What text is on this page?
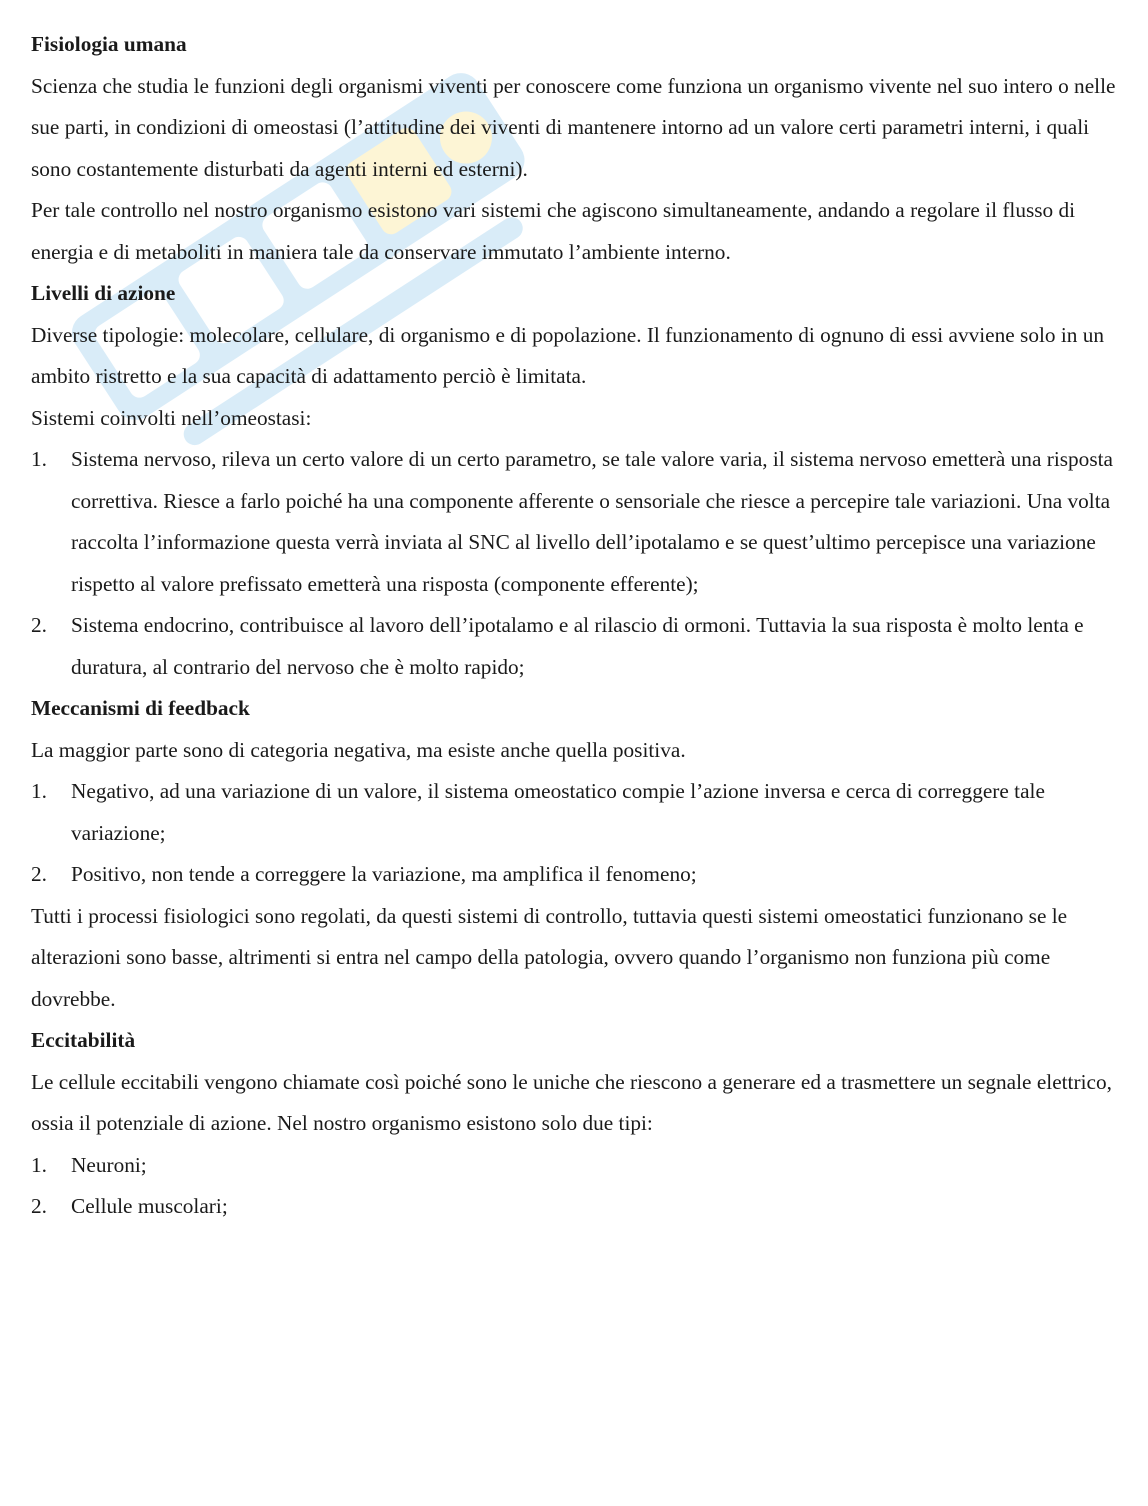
Fisiologia umana

Scienza che studia le funzioni degli organismi viventi per conoscere come funziona un organismo vivente nel suo intero o nelle sue parti, in condizioni di omeostasi (l’attitudine dei viventi di mantenere intorno ad un valore certi parametri interni, i quali sono costantemente disturbati da agenti interni ed esterni).

Per tale controllo nel nostro organismo esistono vari sistemi che agiscono simultaneamente, andando a regolare il flusso di energia e di metaboliti in maniera tale da conservare immutato l’ambiente interno.

Livelli di azione

Diverse tipologie: molecolare, cellulare, di organismo e di popolazione. Il funzionamento di ognuno di essi avviene solo in un ambito ristretto e la sua capacità di adattamento perciò è limitata.

Sistemi coinvolti nell’omeostasi:

1. Sistema nervoso, rileva un certo valore di un certo parametro, se tale valore varia, il sistema nervoso emetterà una risposta correttiva. Riesce a farlo poiché ha una componente afferente o sensoriale che riesce a percepire tale variazioni. Una volta raccolta l’informazione questa verrà inviata al SNC al livello dell’ipotalamo e se quest’ultimo percepisce una variazione rispetto al valore prefissato emetterà una risposta (componente efferente);
2. Sistema endocrino, contribuisce al lavoro dell’ipotalamo e al rilascio di ormoni. Tuttavia la sua risposta è molto lenta e duratura, al contrario del nervoso che è molto rapido;

Meccanismi di feedback

La maggior parte sono di categoria negativa, ma esiste anche quella positiva.

1. Negativo, ad una variazione di un valore, il sistema omeostatico compie l’azione inversa e cerca di correggere tale variazione;
2. Positivo, non tende a correggere la variazione, ma amplifica il fenomeno;

Tutti i processi fisiologici sono regolati, da questi sistemi di controllo, tuttavia questi sistemi omeostatici funzionano se le alterazioni sono basse, altrimenti si entra nel campo della patologia, ovvero quando l’organismo non funziona più come dovrebbe.

Eccitabilità

Le cellule eccitabili vengono chiamate così poiché sono le uniche che riescono a generare ed a trasmettere un segnale elettrico, ossia il potenziale di azione. Nel nostro organismo esistono solo due tipi:

1. Neuroni;
2. Cellule muscolari;
